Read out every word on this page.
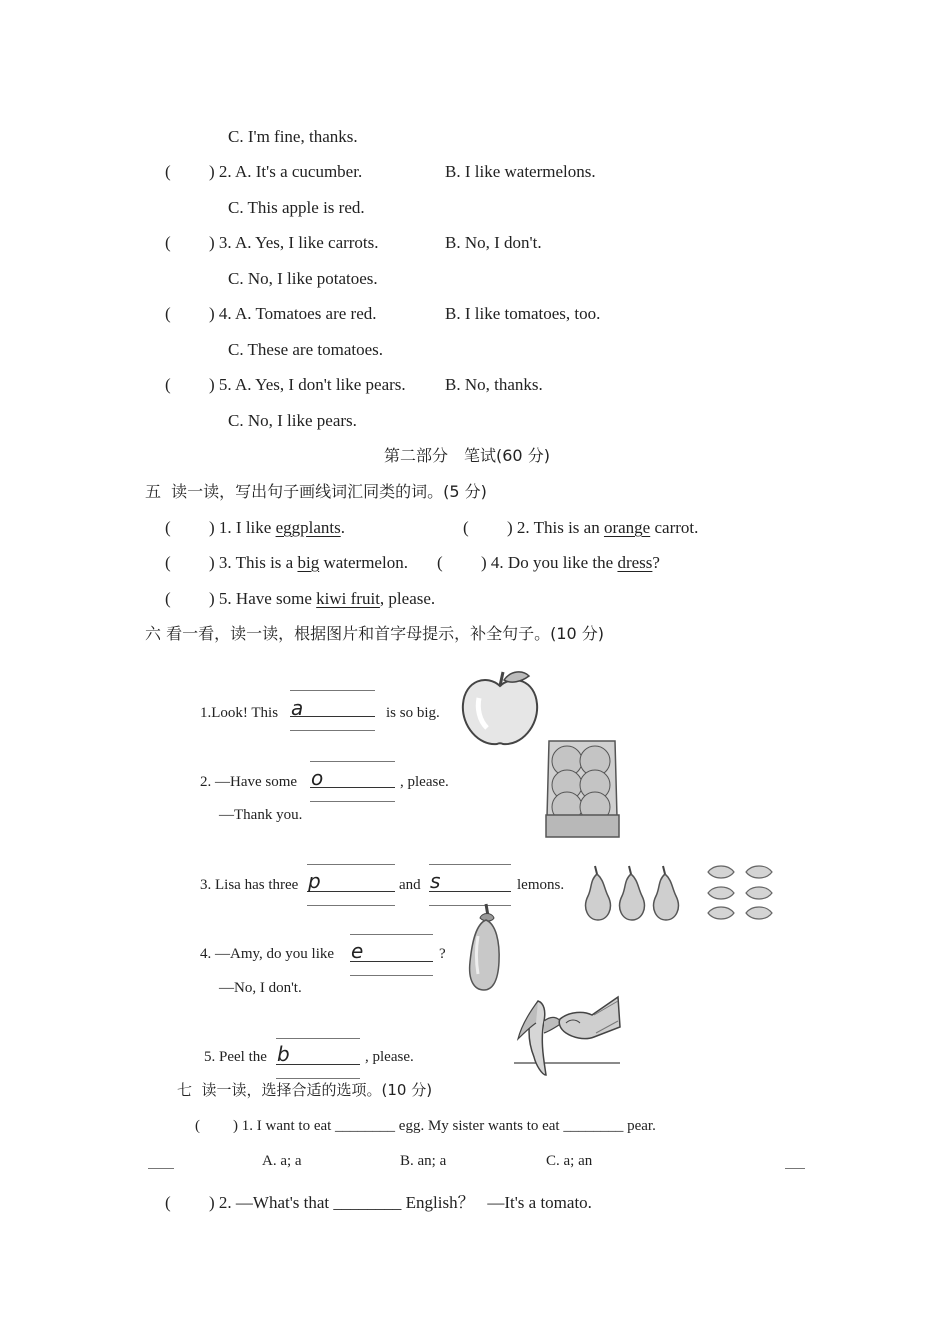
C. I'm fine, thanks.
( ) 2. A. It's a cucumber.	B. I like watermelons.
C. This apple is red.
( ) 3. A. Yes, I like carrots.	B. No, I don't.
C. No, I like potatoes.
( ) 4. A. Tomatoes are red.	B. I like tomatoes, too.
C. These are tomatoes.
( ) 5. A. Yes, I don't like pears. B. No, thanks.
C. No, I like pears.
第二部分　笔试(60 分)
五  读一读，写出句子画线词汇同类的词。(5 分)
( ) 1. I like eggplants.	( ) 2. This is an orange carrot.
( ) 3. This is a big watermelon. ( ) 4. Do you like the dress?
( ) 5. Have some kiwi fruit, please.
六 看一看，读一读，根据图片和首字母提示，补全句子。(10 分)
1.Look! This a	is so big.
2. —Have some o	, please.
—Thank you.
3. Lisa has three p	and s	lemons.
4. —Amy, do you like e	?
—No, I don't.
5. Peel the b	, please.
七  读一读，选择合适的选项。(10 分)
( ) 1. I want to eat ________ egg. My sister wants to eat ________ pear.
A. a; a	B. an; a	C. a; an
( ) 2. —What's that ________ English？   —It's a tomato.
